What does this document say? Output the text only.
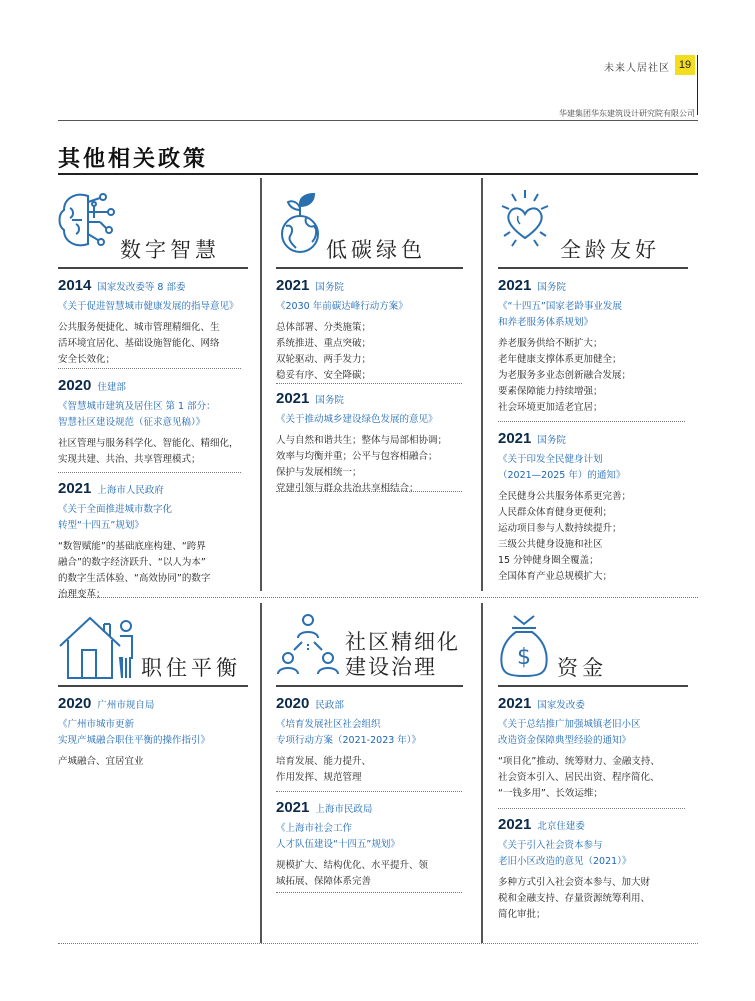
未来人居社区 19
华建集团华东建筑设计研究院有限公司
其他相关政策
数字智慧
2014 国家发改委等 8 部委
《关于促进智慧城市健康发展的指导意见》
公共服务便捷化、城市管理精细化、生
活环境宜居化、基础设施智能化、网络
安全长效化；
2020 住建部
《智慧城市建筑及居住区 第 1 部分：
智慧社区建设规范（征求意见稿）》
社区管理与服务科学化、智能化、精细化，
实现共建、共治、共享管理模式；
2021 上海市人民政府
《关于全面推进城市数字化
转型“十四五”规划》
“数智赋能”的基础底座构建、“跨界
融合”的数字经济跃升、“以人为本”
的数字生活体验、“高效协同”的数字
治理变革；
低碳绿色
2021 国务院
《2030 年前碳达峰行动方案》
总体部署、分类施策；
系统推进、重点突破；
双轮驱动、两手发力；
稳妥有序、安全降碳；
2021 国务院
《关于推动城乡建设绿色发展的意见》
人与自然和谐共生；整体与局部相协调；
效率与均衡并重；公平与包容相融合；
保护与发展相统一；
党建引领与群众共治共享相结合；
全龄友好
2021 国务院
《“十四五”国家老龄事业发展
和养老服务体系规划》
养老服务供给不断扩大；
老年健康支撑体系更加健全；
为老服务多业态创新融合发展；
要素保障能力持续增强；
社会环境更加适老宜居；
2021 国务院
《关于印发全民健身计划
（2021—2025 年）的通知》
全民健身公共服务体系更完善；
人民群众体育健身更便利；
运动项目参与人数持续提升；
三级公共健身设施和社区
15 分钟健身圈全覆盖；
全国体育产业总规模扩大；
职住平衡
2020 广州市规自局
《广州市城市更新
实现产城融合职住平衡的操作指引》
产城融合、宜居宜业
社区精细化
建设治理
2020 民政部
《培育发展社区社会组织
专项行动方案（2021-2023 年）》
培育发展、能力提升、
作用发挥、规范管理
2021 上海市民政局
《上海市社会工作
人才队伍建设“十四五”规划》
规模扩大、结构优化、水平提升、领
域拓展、保障体系完善
$ 资金
2021 国家发改委
《关于总结推广加强城镇老旧小区
改造资金保障典型经验的通知》
“项目化”推动、统筹财力、金融支持、
社会资本引入、居民出资、程序简化、
“一钱多用”、长效运维；
2021 北京住建委
《关于引入社会资本参与
老旧小区改造的意见（2021）》
多种方式引入社会资本参与、加大财
税和金融支持、存量资源统筹利用、
简化审批；
